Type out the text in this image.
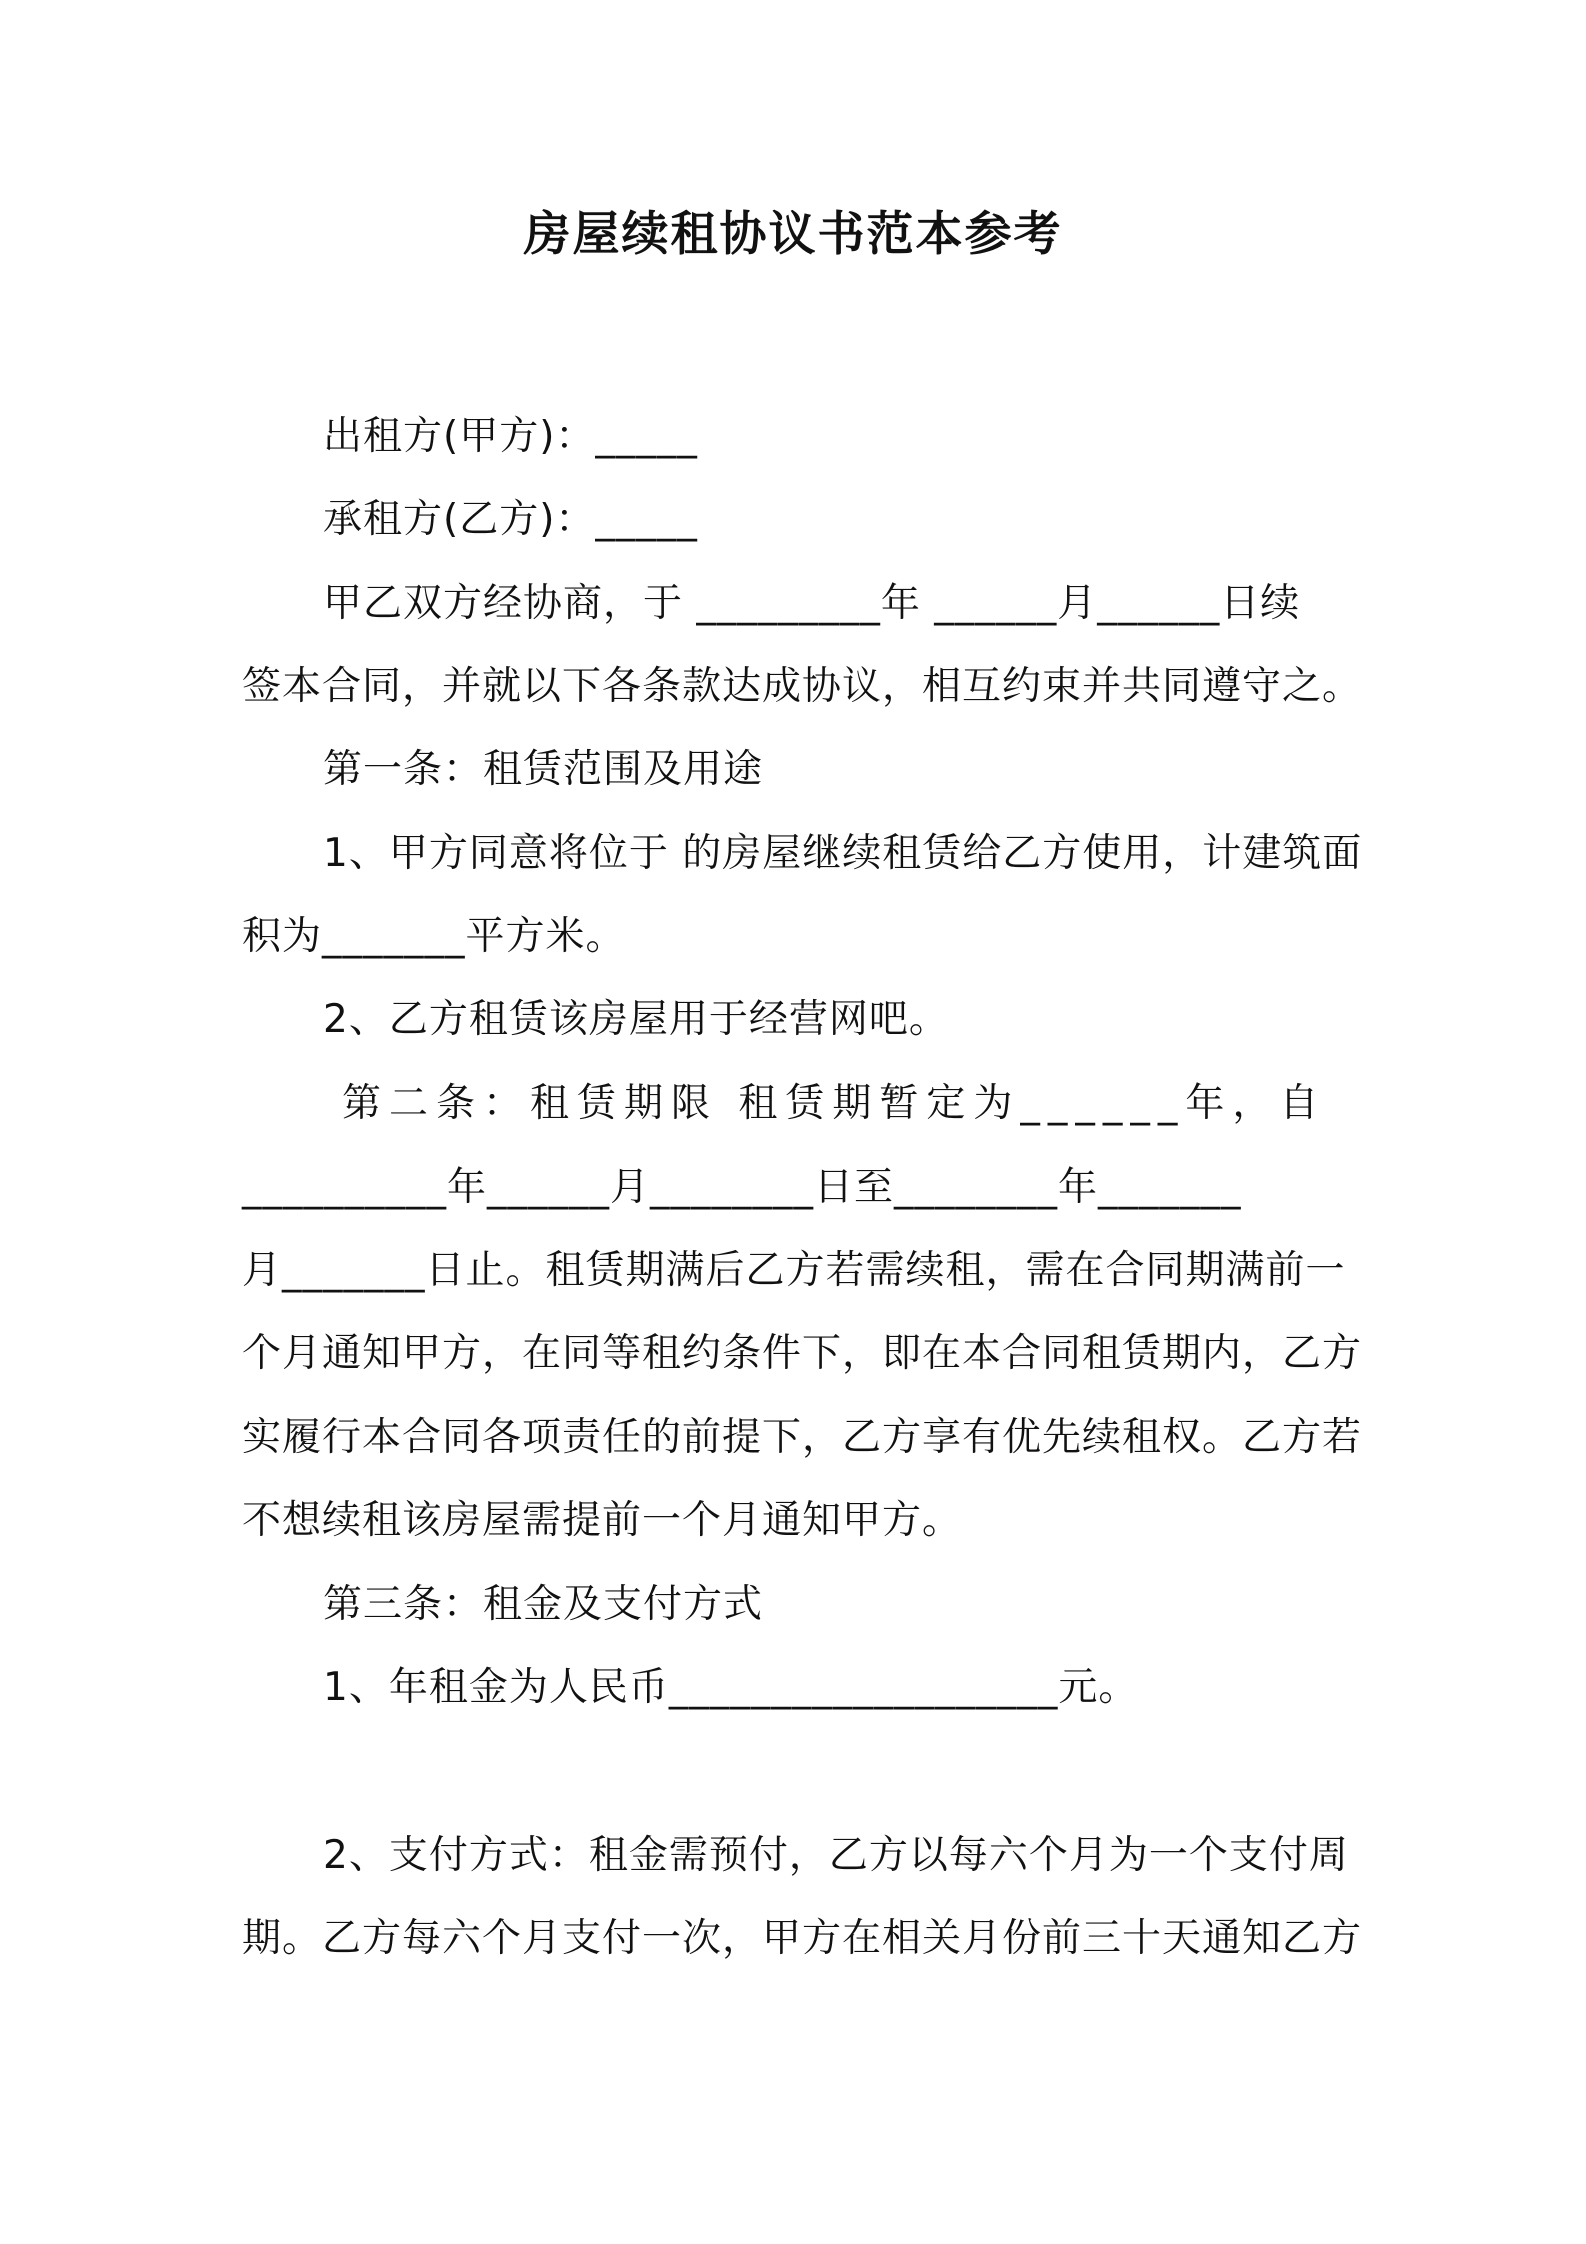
房屋续租协议书范本参考
出租方(甲方)：_____
承租方(乙方)：_____
甲乙双方经协商，于 _________年 ______月______日续
签本合同，并就以下各条款达成协议，相互约束并共同遵守之。
第一条：租赁范围及用途
1、甲方同意将位于 的房屋继续租赁给乙方使用，计建筑面
积为_______平方米。
2、乙方租赁该房屋用于经营网吧。
第二条：租赁期限 租赁期暂定为______年，自
__________年______月________日至________年_______
月_______日止。租赁期满后乙方若需续租，需在合同期满前一
个月通知甲方，在同等租约条件下，即在本合同租赁期内，乙方
实履行本合同各项责任的前提下，乙方享有优先续租权。乙方若
不想续租该房屋需提前一个月通知甲方。
第三条：租金及支付方式
1、年租金为人民币___________________元。
2、支付方式：租金需预付，乙方以每六个月为一个支付周
期。乙方每六个月支付一次，甲方在相关月份前三十天通知乙方
